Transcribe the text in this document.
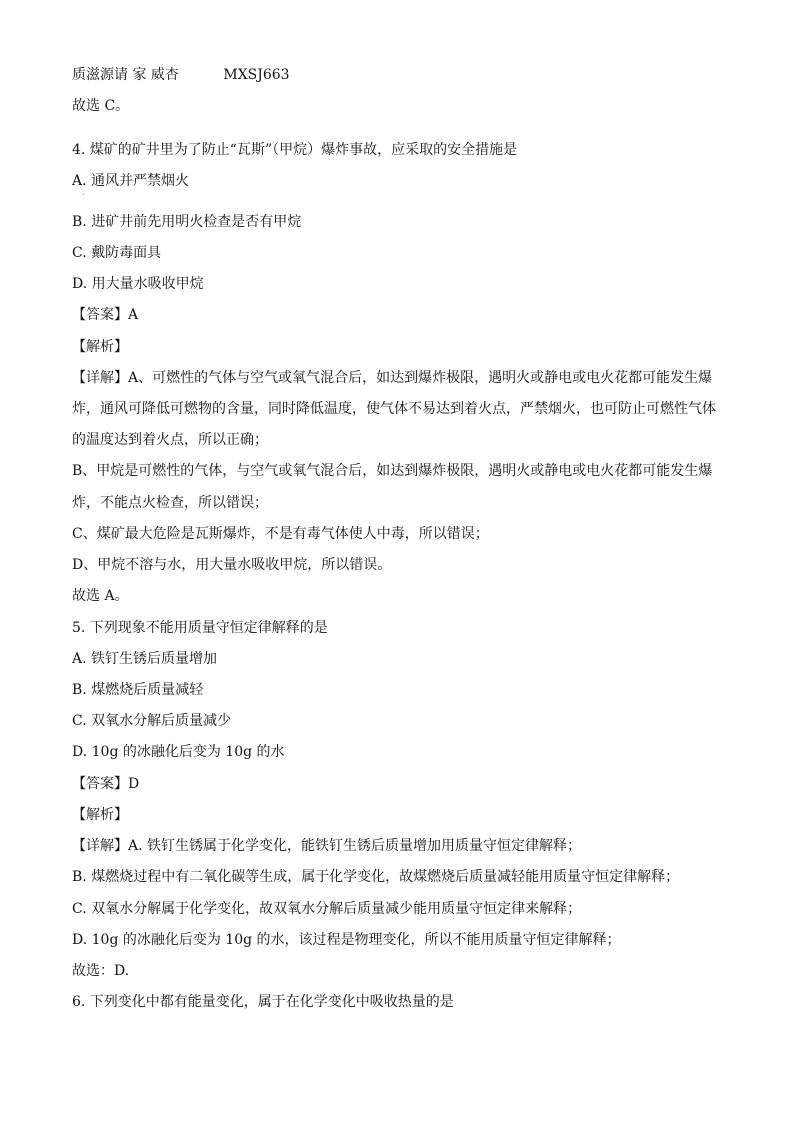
质滋源请 家 威杏	MXSJ663
故选 C。
4. 煤矿的矿井里为了防止“瓦斯”（甲烷）爆炸事故，应采取的安全措施是
A. 通风并严禁烟火
·
B. 进矿井前先用明火检查是否有甲烷
C. 戴防毒面具
D. 用大量水吸收甲烷
【答案】A
【解析】
【详解】A、可燃性的气体与空气或氧气混合后，如达到爆炸极限，遇明火或静电或电火花都可能发生爆
炸，通风可降低可燃物的含量，同时降低温度，使气体不易达到着火点，严禁烟火，也可防止可燃性气体
的温度达到着火点，所以正确；
B、甲烷是可燃性的气体，与空气或氧气混合后，如达到爆炸极限，遇明火或静电或电火花都可能发生爆
炸，不能点火检查，所以错误；
C、煤矿最大危险是瓦斯爆炸，不是有毒气体使人中毒，所以错误；
D、甲烷不溶与水，用大量水吸收甲烷，所以错误。
故选 A。
5. 下列现象不能用质量守恒定律解释的是
A. 铁钉生锈后质量增加
B. 煤燃烧后质量减轻
C. 双氧水分解后质量减少
D. 10g 的冰融化后变为 10g 的水
【答案】D
【解析】
【详解】A. 铁钉生锈属于化学变化，能铁钉生锈后质量增加用质量守恒定律解释；
B. 煤燃烧过程中有二氧化碳等生成，属于化学变化，故煤燃烧后质量减轻能用质量守恒定律解释；
C. 双氧水分解属于化学变化，故双氧水分解后质量减少能用质量守恒定律来解释；
D. 10g 的冰融化后变为 10g 的水，该过程是物理变化，所以不能用质量守恒定律解释；
故选：D.
6. 下列变化中都有能量变化，属于在化学变化中吸收热量的是
